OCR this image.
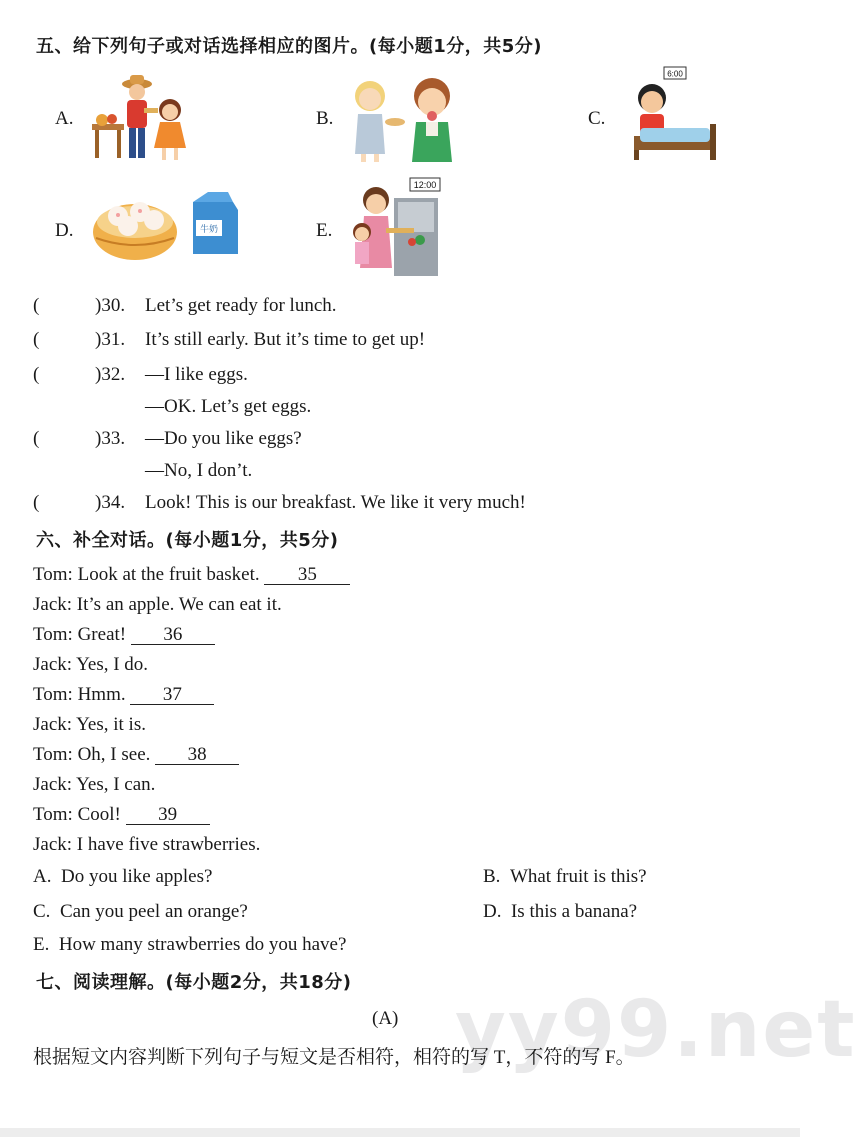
五、给下列句子或对话选择相应的图片。(每小题1分，共5分)
A.	B.	C.
6:00
D.	牛奶	E.
12:00
(	)30. Let’s get ready for lunch.
(	)31. It’s still early. But it’s time to get up!
(	)32. —I like eggs.
—OK. Let’s get eggs.
(	)33. —Do you like eggs?
—No, I don’t.
(	)34. Look! This is our breakfast. We like it very much!
六、补全对话。(每小题1分，共5分)
Tom: Look at the fruit basket. 35
Jack: It’s an apple. We can eat it.
Tom: Great! 36
Jack: Yes, I do.
Tom: Hmm. 37
Jack: Yes, it is.
Tom: Oh, I see. 38
Jack: Yes, I can.
Tom: Cool! 39
Jack: I have five strawberries.
A. Do you like apples?	B. What fruit is this?
C. Can you peel an orange?	D. Is this a banana?
E. How many strawberries do you have?
七、阅读理解。(每小题2分，共18分)
yy99.net
(A)
根据短文内容判断下列句子与短文是否相符，相符的写 T，不符的写 F。
